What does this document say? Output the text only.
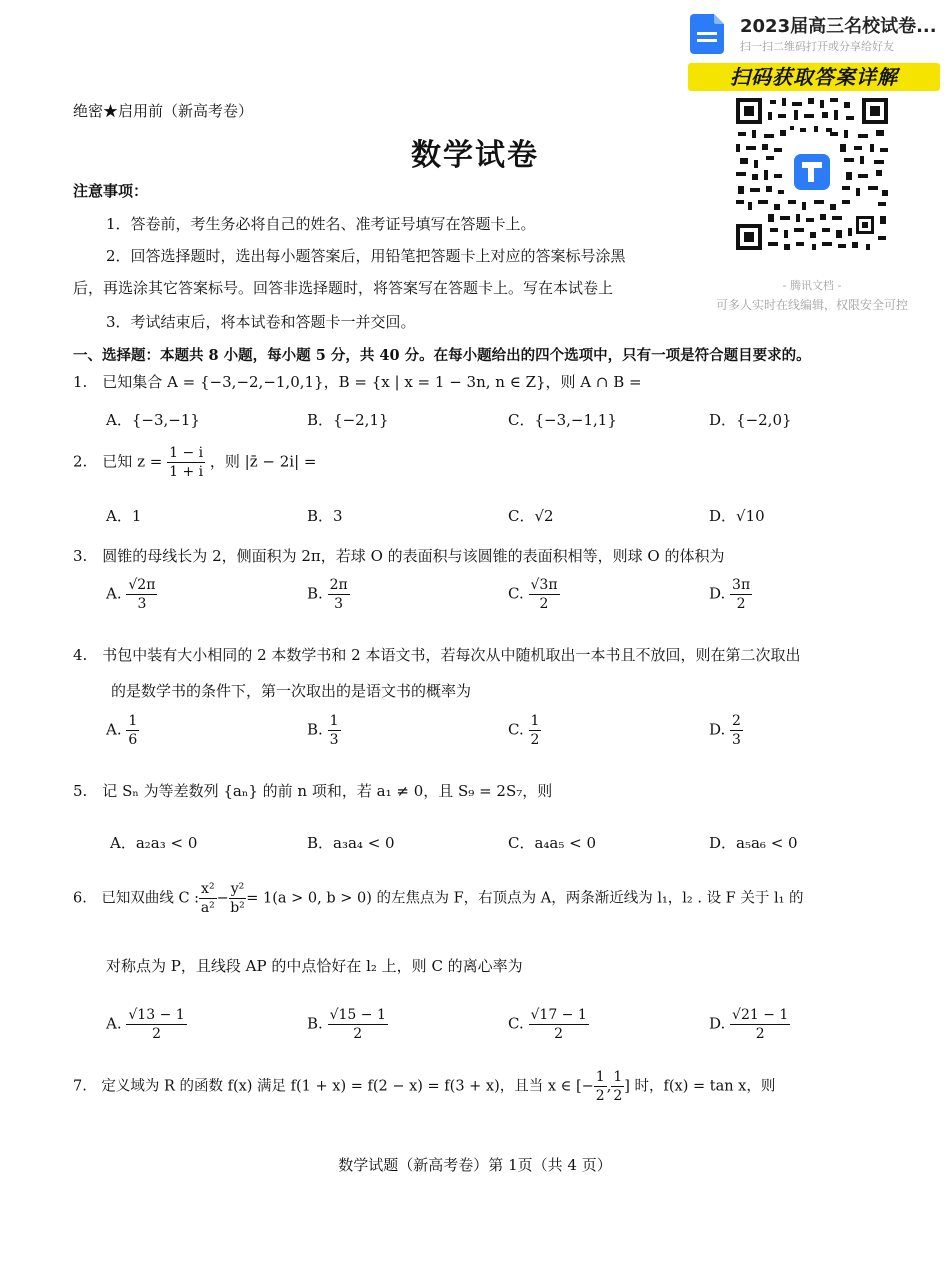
2023届高三名校试卷...
扫一扫二维码打开或分享给好友
扫码获取答案详解
- 腾讯文档 -
可多人实时在线编辑，权限安全可控
绝密★启用前（新高考卷）
数学试卷
注意事项：
1．答卷前，考生务必将自己的姓名、准考证号填写在答题卡上。
2．回答选择题时，选出每小题答案后，用铅笔把答题卡上对应的答案标号涂黑
后，再选涂其它答案标号。回答非选择题时，将答案写在答题卡上。写在本试卷上
3．考试结束后，将本试卷和答题卡一并交回。
一、选择题：本题共 8 小题，每小题 5 分，共 40 分。在每小题给出的四个选项中，只有一项是符合题目要求的。
1.　已知集合 A = {−3,−2,−1,0,1}，B = {x | x = 1 − 3n, n ∈ Z}，则 A ∩ B =
A．{−3,−1}	B．{−2,1}	C．{−3,−1,1}	D．{−2,0}
2.　已知 $z = \frac{1 - i}{1 + i}$ ，则 |z̄ − 2i| =
A．1	B．3	C．√2	D．√10
3.　圆锥的母线长为 2，侧面积为 2π，若球 O 的表面积与该圆锥的表面积相等，则球 O 的体积为
A. $\frac{√2\pi}{3}$	B. $\frac{2\pi}{3}$	C. $\frac{√3\pi}{2}$	D. $\frac{3\pi}{2}$
4.　书包中装有大小相同的 2 本数学书和 2 本语文书，若每次从中随机取出一本书且不放回，则在第二次取出
的是数学书的条件下，第一次取出的是语文书的概率为
A. $\frac{1}{6}$	B. $\frac{1}{3}$	C. $\frac{1}{2}$	D. $\frac{2}{3}$
5.　记 Sₙ 为等差数列 {aₙ} 的前 n 项和，若 a₁ ≠ 0，且 S₉ = 2S₇，则
A．a₂a₃ < 0	B．a₃a₄ < 0	C．a₄a₅ < 0	D．a₅a₆ < 0
6.　已知双曲线 C : $\frac{\text{x²}}{\text{a²}} - \frac{\text{y²}}{\text{b²}} = 1(a > 0$, b > 0) 的左焦点为 F，右顶点为 A，两条渐近线为 l₁，l₂ . 设 F 关于 l₁ 的
对称点为 P，且线段 AP 的中点恰好在 l₂ 上，则 C 的离心率为
A. $\frac{√13 - 1}{2}$	B. $\frac{√15 - 1}{2}$	C. $\frac{√17 - 1}{2}$	D. $\frac{√21 - 1}{2}$
7.　定义域为 R 的函数 f(x) 满足 f(1 + x) = f(2 − x) = f(3 + x)，且当 x ∈ [− $\frac{1}{2}$ , $\frac{1}{2}$ ] 时，f(x) = tan x，则
数学试题（新高考卷）第 1页（共 4 页）
